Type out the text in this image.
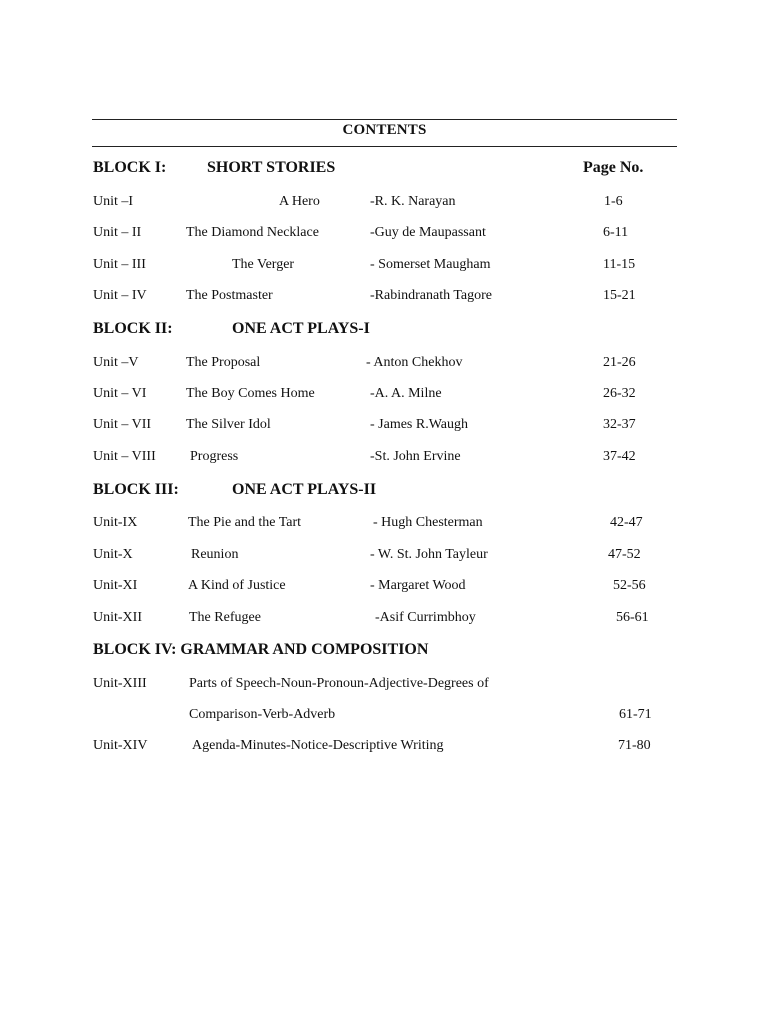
CONTENTS
BLOCK I:	SHORT STORIES	Page No.
Unit –I	A Hero	-R. K. Narayan	1-6
Unit – II	The Diamond Necklace	-Guy de Maupassant	6-11
Unit – III	The Verger	- Somerset Maugham	11-15
Unit – IV	The Postmaster	-Rabindranath Tagore	15-21
BLOCK II:	ONE ACT PLAYS-I
Unit –V	The Proposal	- Anton Chekhov	21-26
Unit – VI	The Boy Comes Home	-A. A. Milne	26-32
Unit – VII The Silver Idol	- James R.Waugh	32-37
Unit – VIII Progress	-St. John Ervine	37-42
BLOCK III:	ONE ACT PLAYS-II
Unit-IX	The Pie and the Tart	- Hugh Chesterman	42-47
Unit-X	Reunion	- W. St. John Tayleur	47-52
Unit-XI	A Kind of Justice	- Margaret Wood	52-56
Unit-XII	The Refugee	-Asif Currimbhoy	56-61
BLOCK IV: GRAMMAR AND COMPOSITION
Unit-XIII	Parts of Speech-Noun-Pronoun-Adjective-Degrees of
Comparison-Verb-Adverb	61-71
Unit-XIV	Agenda-Minutes-Notice-Descriptive Writing	71-80
